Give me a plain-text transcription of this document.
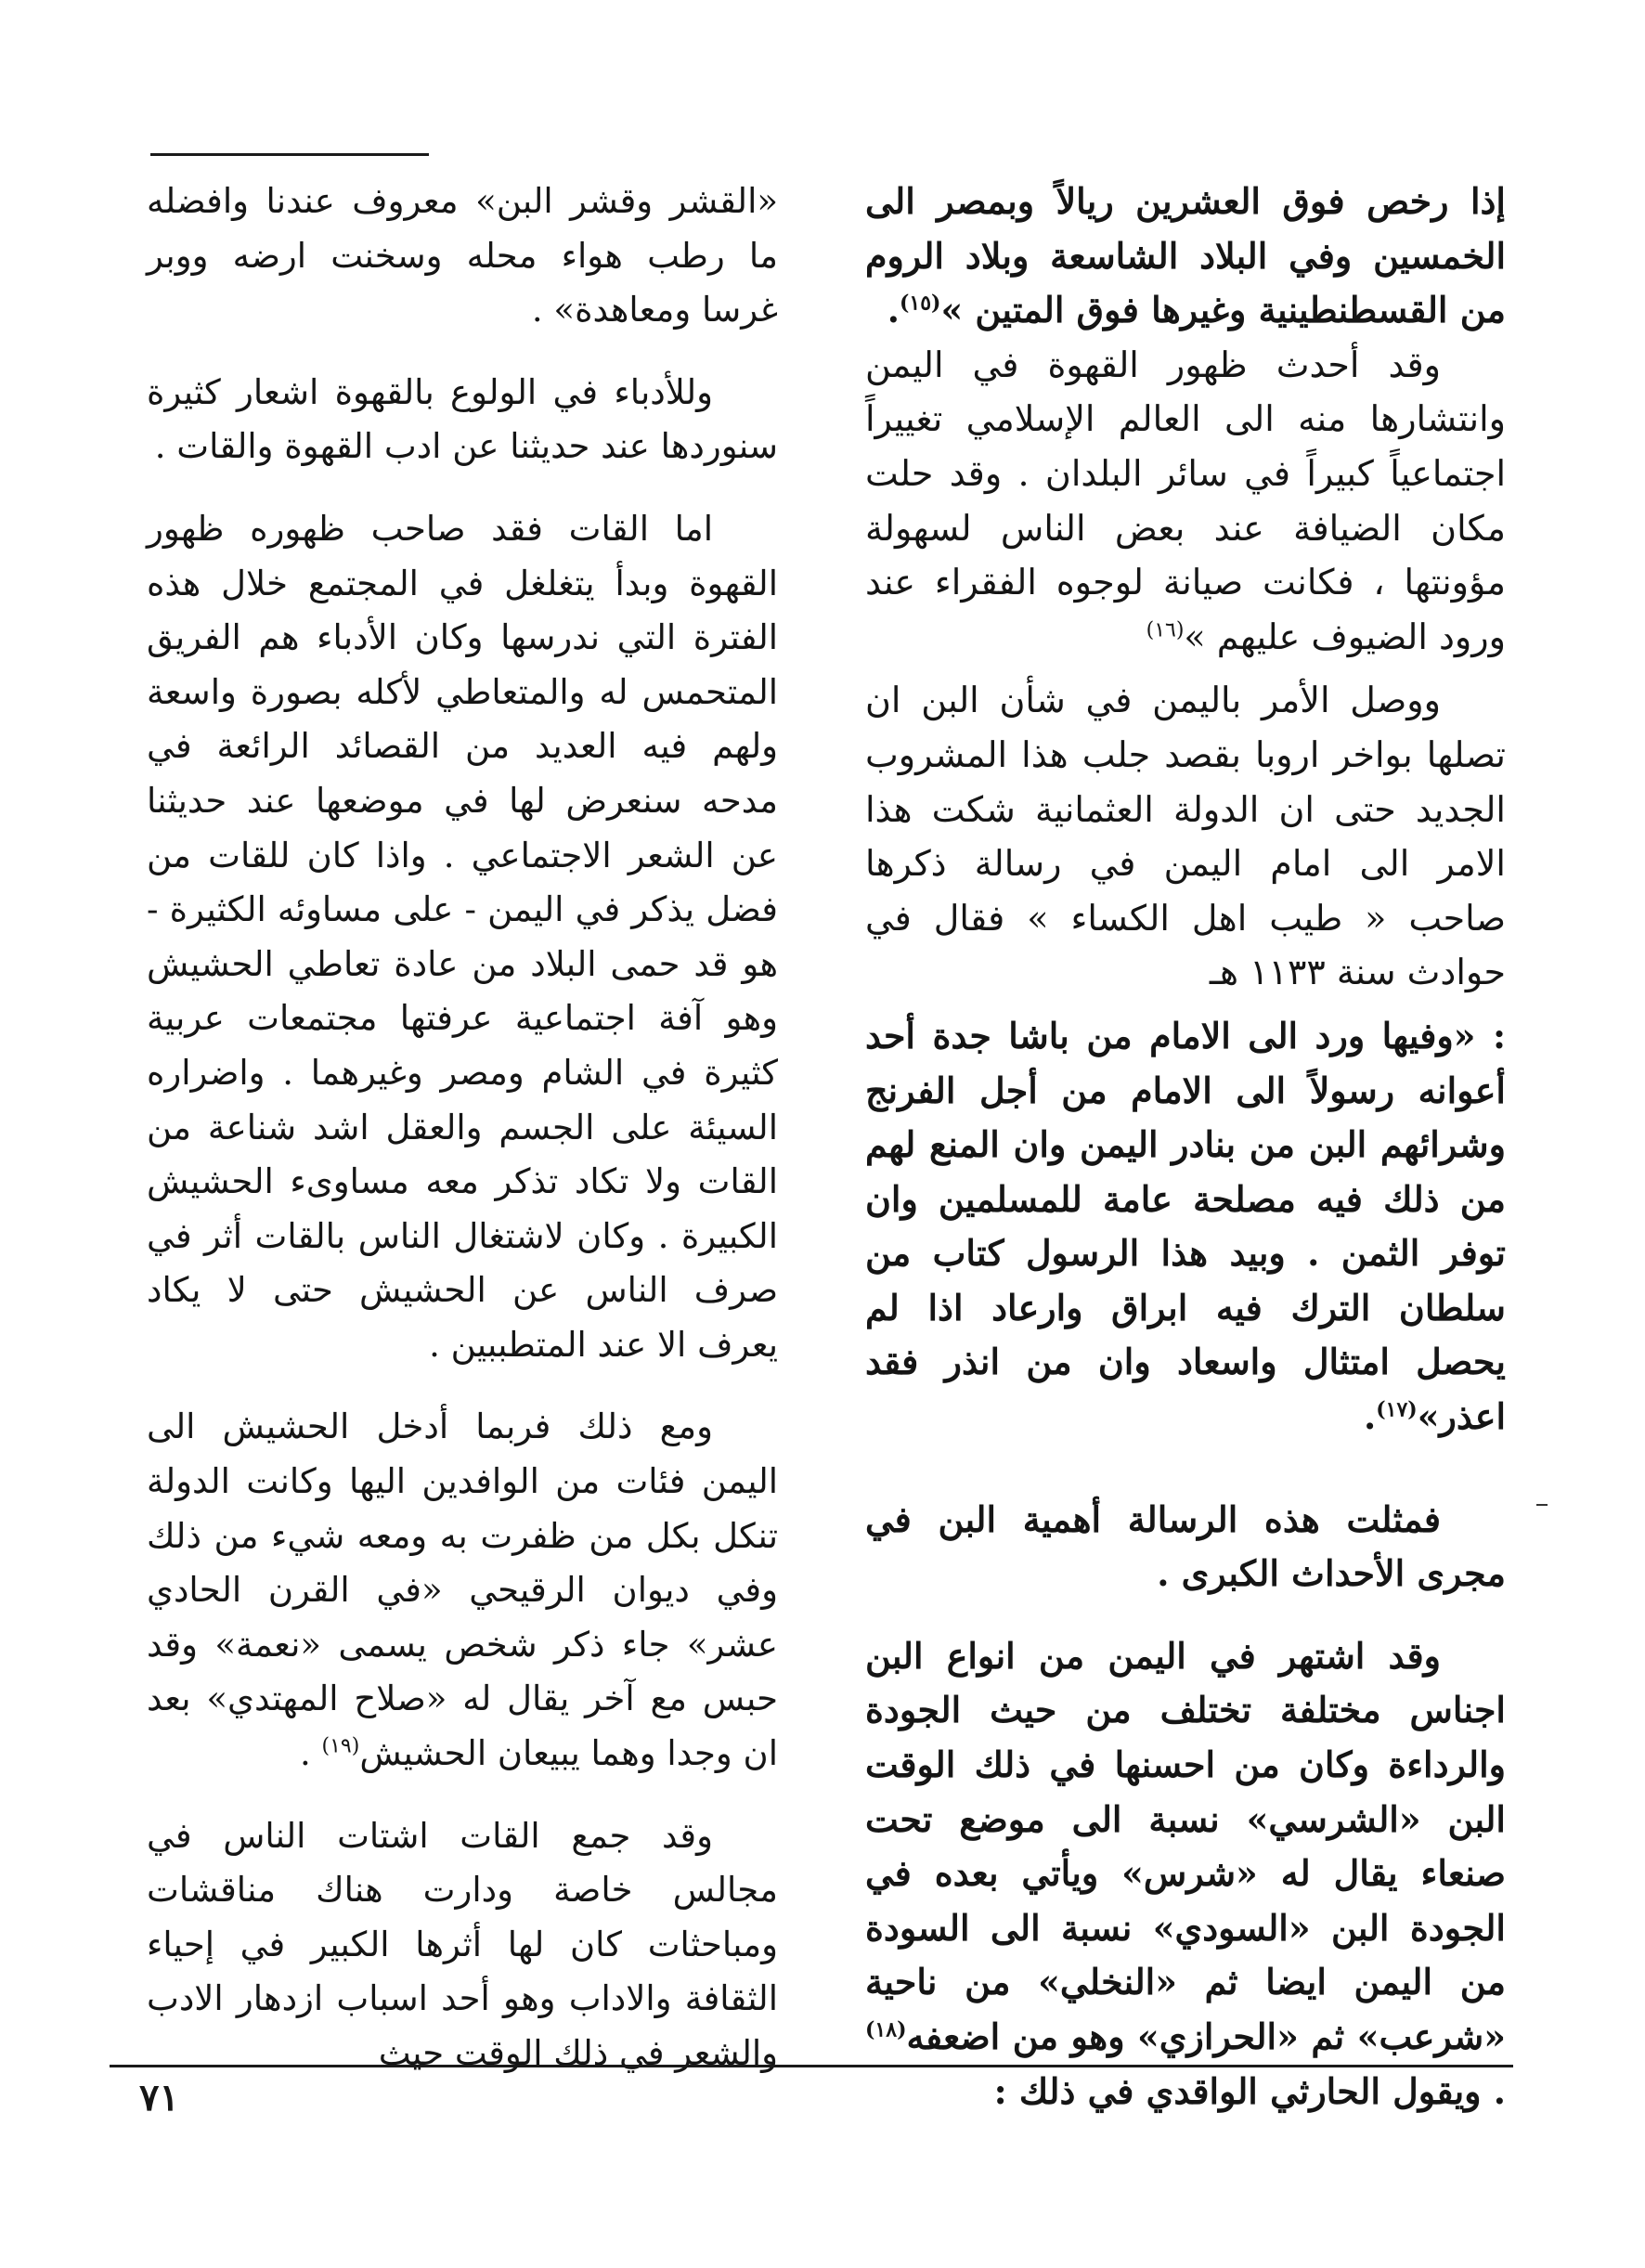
إذا رخص فوق العشرين ريالاً وبمصر الى الخمسين وفي البلاد الشاسعة وبلاد الروم من القسطنطينية وغيرها فوق المتين »$^{(١٥)}$.

وقد أحدث ظهور القهوة في اليمن وانتشارها منه الى العالم الإسلامي تغييراً اجتماعياً كبيراً في سائر البلدان . وقد حلت مكان الضيافة عند بعض الناس لسهولة مؤونتها ، فكانت صيانة لوجوه الفقراء عند ورود الضيوف عليهم »$^{(١٦)}$

ووصل الأمر باليمن في شأن البن ان تصلها بواخر اروبا بقصد جلب هذا المشروب الجديد حتى ان الدولة العثمانية شكت هذا الامر الى امام اليمن في رسالة ذكرها صاحب « طيب اهل الكساء » فقال في حوادث سنة ١١٣٣ هـ

: «وفيها ورد الى الامام من باشا جدة أحد أعوانه رسولاً الى الامام من أجل الفرنج وشرائهم البن من بنادر اليمن وان المنع لهم من ذلك فيه مصلحة عامة للمسلمين وان توفر الثمن . وبيد هذا الرسول كتاب من سلطان الترك فيه ابراق وارعاد اذا لم يحصل امتثال واسعاد وان من انذر فقد اعذر»$^{(١٧)}$.

فمثلت هذه الرسالة أهمية البن في مجرى الأحداث الكبرى .

وقد اشتهر في اليمن من انواع البن اجناس مختلفة تختلف من حيث الجودة والرداءة وكان من احسنها في ذلك الوقت البن «الشرسي» نسبة الى موضع تحت صنعاء يقال له «شرس» ويأتي بعده في الجودة البن «السودي» نسبة الى السودة من اليمن ايضا ثم «النخلي» من ناحية «شرعب» ثم «الحرازي» وهو من اضعفه$^{(١٨)}$ . ويقول الحارثي الواقدي في ذلك :

«القشر وقشر البن» معروف عندنا وافضله ما رطب هواء محله وسخنت ارضه ووبر غرسا ومعاهدة» .

وللأدباء في الولوع بالقهوة اشعار كثيرة سنوردها عند حديثنا عن ادب القهوة والقات .

اما القات فقد صاحب ظهوره ظهور القهوة وبدأ يتغلغل في المجتمع خلال هذه الفترة التي ندرسها وكان الأدباء هم الفريق المتحمس له والمتعاطي لأكله بصورة واسعة ولهم فيه العديد من القصائد الرائعة في مدحه سنعرض لها في موضعها عند حديثنا عن الشعر الاجتماعي . واذا كان للقات من فضل يذكر في اليمن - على مساوئه الكثيرة - هو قد حمى البلاد من عادة تعاطي الحشيش وهو آفة اجتماعية عرفتها مجتمعات عربية كثيرة في الشام ومصر وغيرهما . واضراره السيئة على الجسم والعقل اشد شناعة من القات ولا تكاد تذكر معه مساوىء الحشيش الكبيرة . وكان لاشتغال الناس بالقات أثر في صرف الناس عن الحشيش حتى لا يكاد يعرف الا عند المتطببين .

ومع ذلك فربما أدخل الحشيش الى اليمن فئات من الوافدين اليها وكانت الدولة تنكل بكل من ظفرت به ومعه شيء من ذلك وفي ديوان الرقيحي «في القرن الحادي عشر» جاء ذكر شخص يسمى «نعمة» وقد حبس مع آخر يقال له «صلاح المهتدي» بعد ان وجدا وهما يبيعان الحشيش$^{(١٩)}$ .

وقد جمع القات اشتات الناس في مجالس خاصة ودارت هناك مناقشات ومباحثات كان لها أثرها الكبير في إحياء الثقافة والاداب وهو أحد اسباب ازدهار الادب والشعر في ذلك الوقت حيث

٧١
